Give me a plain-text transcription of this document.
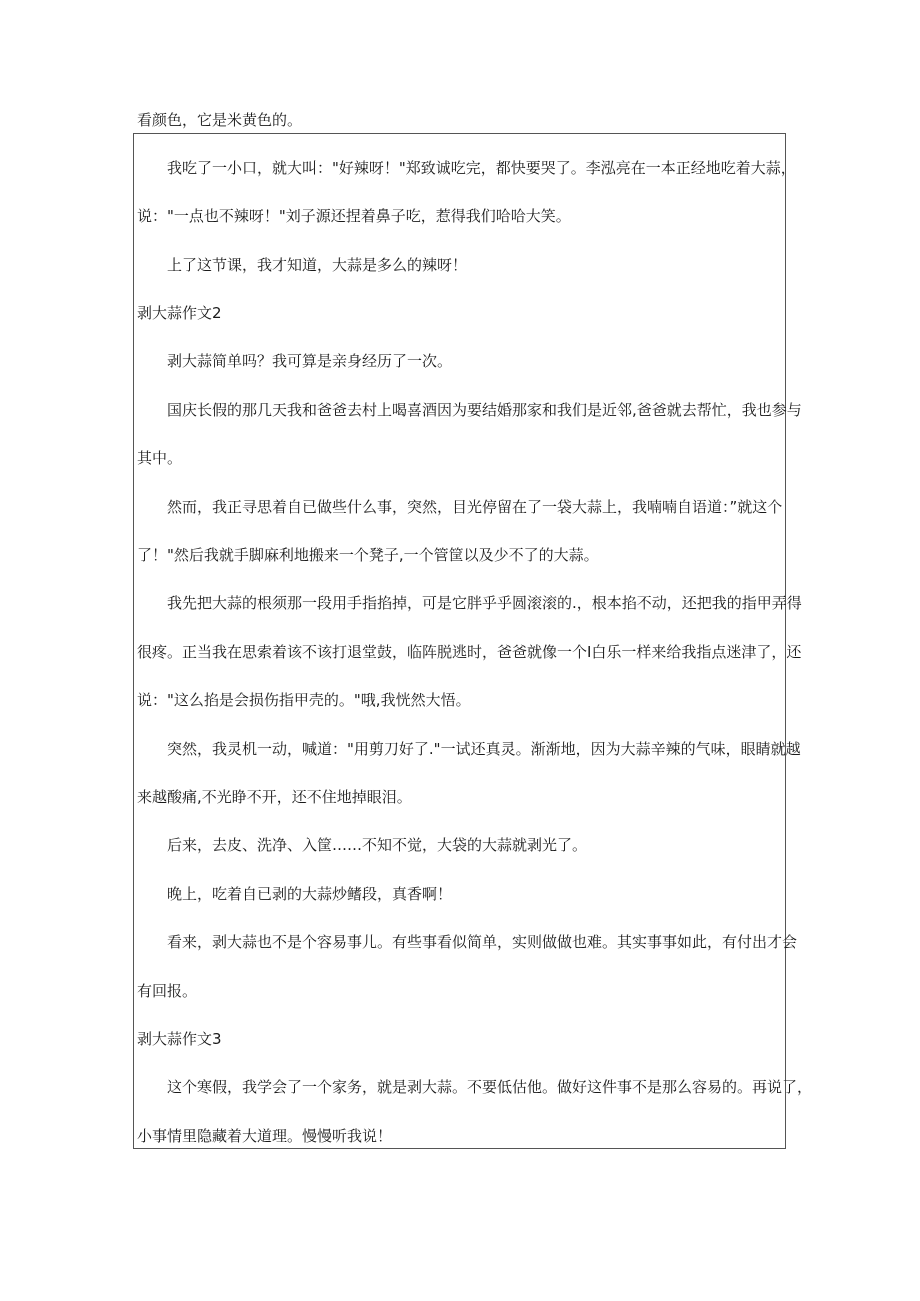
看颜色，它是米黄色的。
我吃了一小口，就大叫："好辣呀！"郑致诚吃完，都快要哭了。李泓亮在一本正经地吃着大蒜，
说："一点也不辣呀！"刘子源还捏着鼻子吃，惹得我们哈哈大笑。
上了这节课，我才知道，大蒜是多么的辣呀！
剥大蒜作文2
剥大蒜简单吗？我可算是亲身经历了一次。
国庆长假的那几天我和爸爸去村上喝喜酒因为要结婚那家和我们是近邻,爸爸就去帮忙，我也参与
其中。
然而，我正寻思着自已做些什么事，突然，目光停留在了一袋大蒜上，我喃喃自语道：”就这个
了！"然后我就手脚麻利地搬来一个凳子,一个管筐以及少不了的大蒜。
我先把大蒜的根须那一段用手指掐掉，可是它胖乎乎圆滚滚的.，根本掐不动，还把我的指甲弄得
很疼。正当我在思索着该不该打退堂鼓，临阵脱逃时，爸爸就像一个I白乐一样来给我指点迷津了，还
说："这么掐是会损伤指甲壳的。"哦,我恍然大悟。
突然，我灵机一动，喊道："用剪刀好了."一试还真灵。渐渐地，因为大蒜辛辣的气味，眼睛就越
来越酸痛,不光睁不开，还不住地掉眼泪。
后来，去皮、洗净、入筐……不知不觉，大袋的大蒜就剥光了。
晚上，吃着自已剥的大蒜炒鳍段，真香啊！
看来，剥大蒜也不是个容易事儿。有些事看似简单，实则做做也难。其实事事如此，有付出才会
有回报。
剥大蒜作文3
这个寒假，我学会了一个家务，就是剥大蒜。不要低估他。做好这件事不是那么容易的。再说了，
小事情里隐藏着大道理。慢慢听我说！
